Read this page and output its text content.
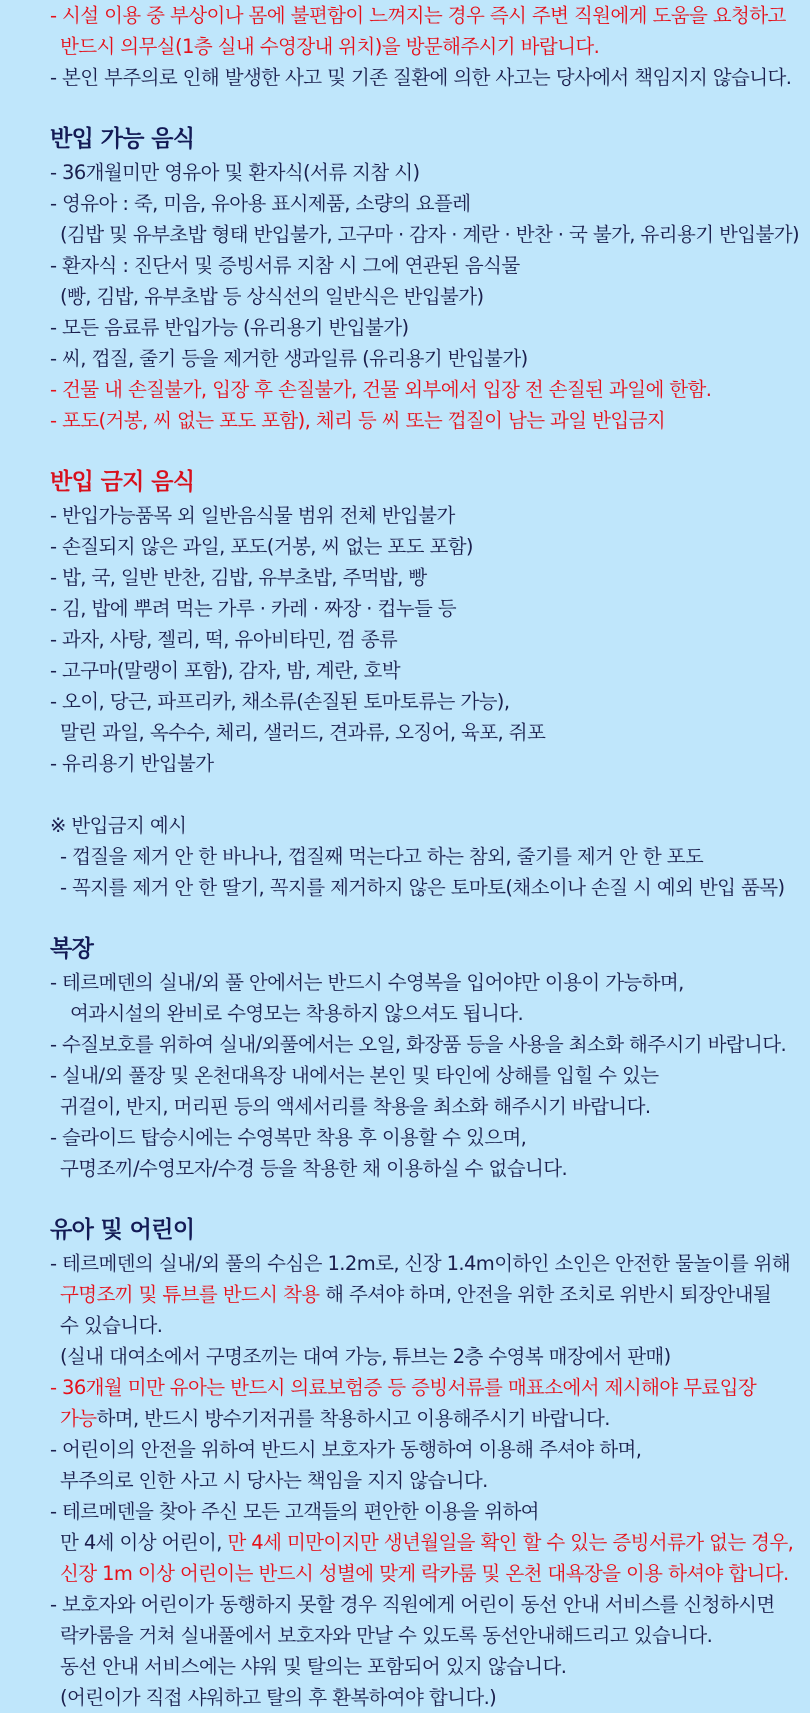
- 시설 이용 중 부상이나 몸에 불편함이 느껴지는 경우 즉시 주변 직원에게 도움을 요청하고
반드시 의무실(1층 실내 수영장내 위치)을 방문해주시기 바랍니다.
- 본인 부주의로 인해 발생한 사고 및 기존 질환에 의한 사고는 당사에서 책임지지 않습니다.
반입 가능 음식
- 36개월미만 영유아 및 환자식(서류 지참 시)
- 영유아 : 죽, 미음, 유아용 표시제품, 소량의 요플레
(김밥 및 유부초밥 형태 반입불가, 고구마 · 감자 · 계란 · 반찬 · 국 불가, 유리용기 반입불가)
- 환자식 : 진단서 및 증빙서류 지참 시 그에 연관된 음식물
(빵, 김밥, 유부초밥 등 상식선의 일반식은 반입불가)
- 모든 음료류 반입가능 (유리용기 반입불가)
- 씨, 껍질, 줄기 등을 제거한 생과일류 (유리용기 반입불가)
- 건물 내 손질불가, 입장 후 손질불가, 건물 외부에서 입장 전 손질된 과일에 한함.
- 포도(거봉, 씨 없는 포도 포함), 체리 등 씨 또는 껍질이 남는 과일 반입금지
반입 금지 음식
- 반입가능품목 외 일반음식물 범위 전체 반입불가
- 손질되지 않은 과일, 포도(거봉, 씨 없는 포도 포함)
- 밥, 국, 일반 반찬, 김밥, 유부초밥, 주먹밥, 빵
- 김, 밥에 뿌려 먹는 가루 · 카레 · 짜장 · 컵누들 등
- 과자, 사탕, 젤리, 떡, 유아비타민, 껌 종류
- 고구마(말랭이 포함), 감자, 밤, 계란, 호박
- 오이, 당근, 파프리카, 채소류(손질된 토마토류는 가능),
말린 과일, 옥수수, 체리, 샐러드, 견과류, 오징어, 육포, 쥐포
- 유리용기 반입불가
※ 반입금지 예시
- 껍질을 제거 안 한 바나나, 껍질째 먹는다고 하는 참외, 줄기를 제거 안 한 포도
- 꼭지를 제거 안 한 딸기, 꼭지를 제거하지 않은 토마토(채소이나 손질 시 예외 반입 품목)
복장
- 테르메덴의 실내/외 풀 안에서는 반드시 수영복을 입어야만 이용이 가능하며,
여과시설의 완비로 수영모는 착용하지 않으셔도 됩니다.
- 수질보호를 위하여 실내/외풀에서는 오일, 화장품 등을 사용을 최소화 해주시기 바랍니다.
- 실내/외 풀장 및 온천대욕장 내에서는 본인 및 타인에 상해를 입힐 수 있는
귀걸이, 반지, 머리핀 등의 액세서리를 착용을 최소화 해주시기 바랍니다.
- 슬라이드 탑승시에는 수영복만 착용 후 이용할 수 있으며,
구명조끼/수영모자/수경 등을 착용한 채 이용하실 수 없습니다.
유아 및 어린이
- 테르메덴의 실내/외 풀의 수심은 1.2m로, 신장 1.4m이하인 소인은 안전한 물놀이를 위해
구명조끼 및 튜브를 반드시 착용 해 주셔야 하며, 안전을 위한 조치로 위반시 퇴장안내될
수 있습니다.
(실내 대여소에서 구명조끼는 대여 가능, 튜브는 2층 수영복 매장에서 판매)
- 36개월 미만 유아는 반드시 의료보험증 등 증빙서류를 매표소에서 제시해야 무료입장
가능하며, 반드시 방수기저귀를 착용하시고 이용해주시기 바랍니다.
- 어린이의 안전을 위하여 반드시 보호자가 동행하여 이용해 주셔야 하며,
부주의로 인한 사고 시 당사는 책임을 지지 않습니다.
- 테르메덴을 찾아 주신 모든 고객들의 편안한 이용을 위하여
만 4세 이상 어린이, 만 4세 미만이지만 생년월일을 확인 할 수 있는 증빙서류가 없는 경우,
신장 1m 이상 어린이는 반드시 성별에 맞게 락카룸 및 온천 대욕장을 이용 하셔야 합니다.
- 보호자와 어린이가 동행하지 못할 경우 직원에게 어린이 동선 안내 서비스를 신청하시면
락카룸을 거쳐 실내풀에서 보호자와 만날 수 있도록 동선안내해드리고 있습니다.
동선 안내 서비스에는 샤워 및 탈의는 포함되어 있지 않습니다.
(어린이가 직접 샤워하고 탈의 후 환복하여야 합니다.)
